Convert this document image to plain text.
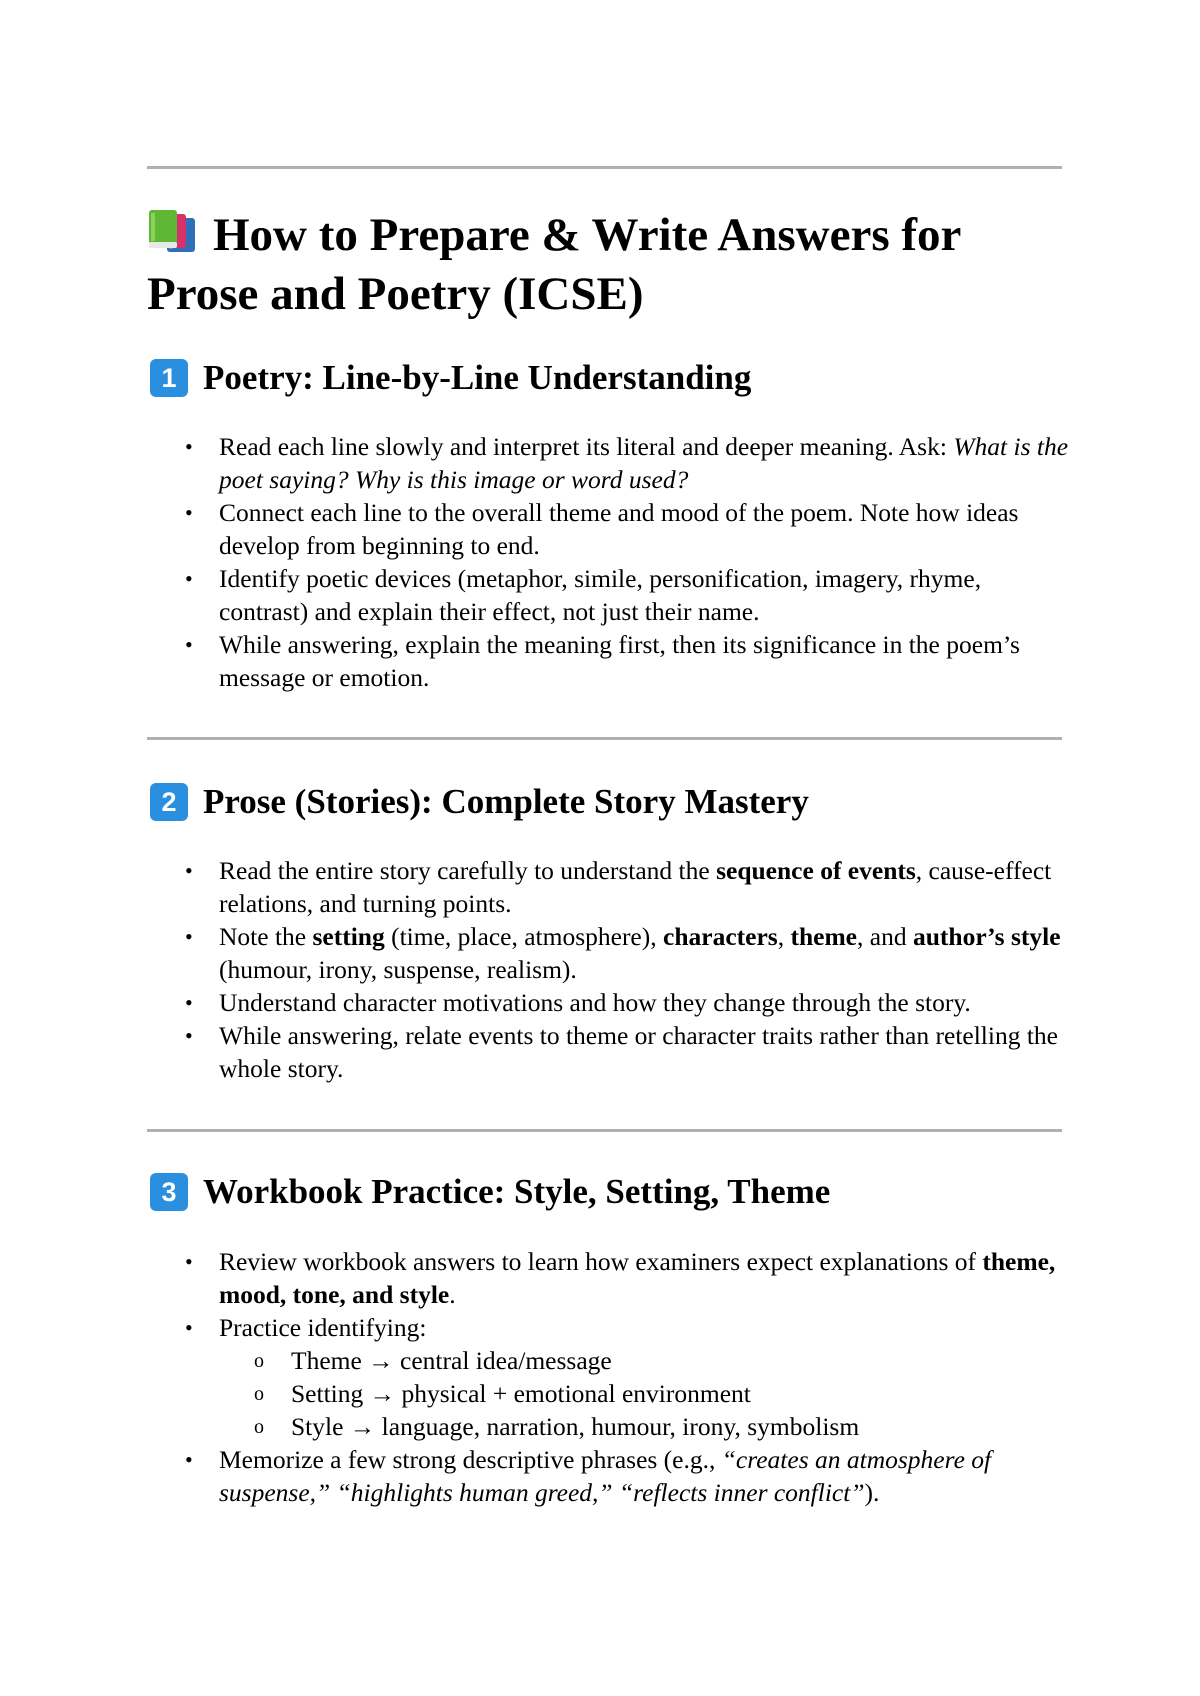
How to Prepare & Write Answers for Prose and Poetry (ICSE)
1 Poetry: Line-by-Line Understanding
• Read each line slowly and interpret its literal and deeper meaning. Ask: What is the poet saying? Why is this image or word used?
• Connect each line to the overall theme and mood of the poem. Note how ideas develop from beginning to end.
• Identify poetic devices (metaphor, simile, personification, imagery, rhyme, contrast) and explain their effect, not just their name.
• While answering, explain the meaning first, then its significance in the poem’s message or emotion.
2 Prose (Stories): Complete Story Mastery
• Read the entire story carefully to understand the sequence of events, cause-effect relations, and turning points.
• Note the setting (time, place, atmosphere), characters, theme, and author’s style (humour, irony, suspense, realism).
• Understand character motivations and how they change through the story.
• While answering, relate events to theme or character traits rather than retelling the whole story.
3 Workbook Practice: Style, Setting, Theme
• Review workbook answers to learn how examiners expect explanations of theme, mood, tone, and style.
• Practice identifying:
o Theme → central idea/message
o Setting → physical + emotional environment
o Style → language, narration, humour, irony, symbolism
• Memorize a few strong descriptive phrases (e.g., “creates an atmosphere of suspense,” “highlights human greed,” “reflects inner conflict”).
